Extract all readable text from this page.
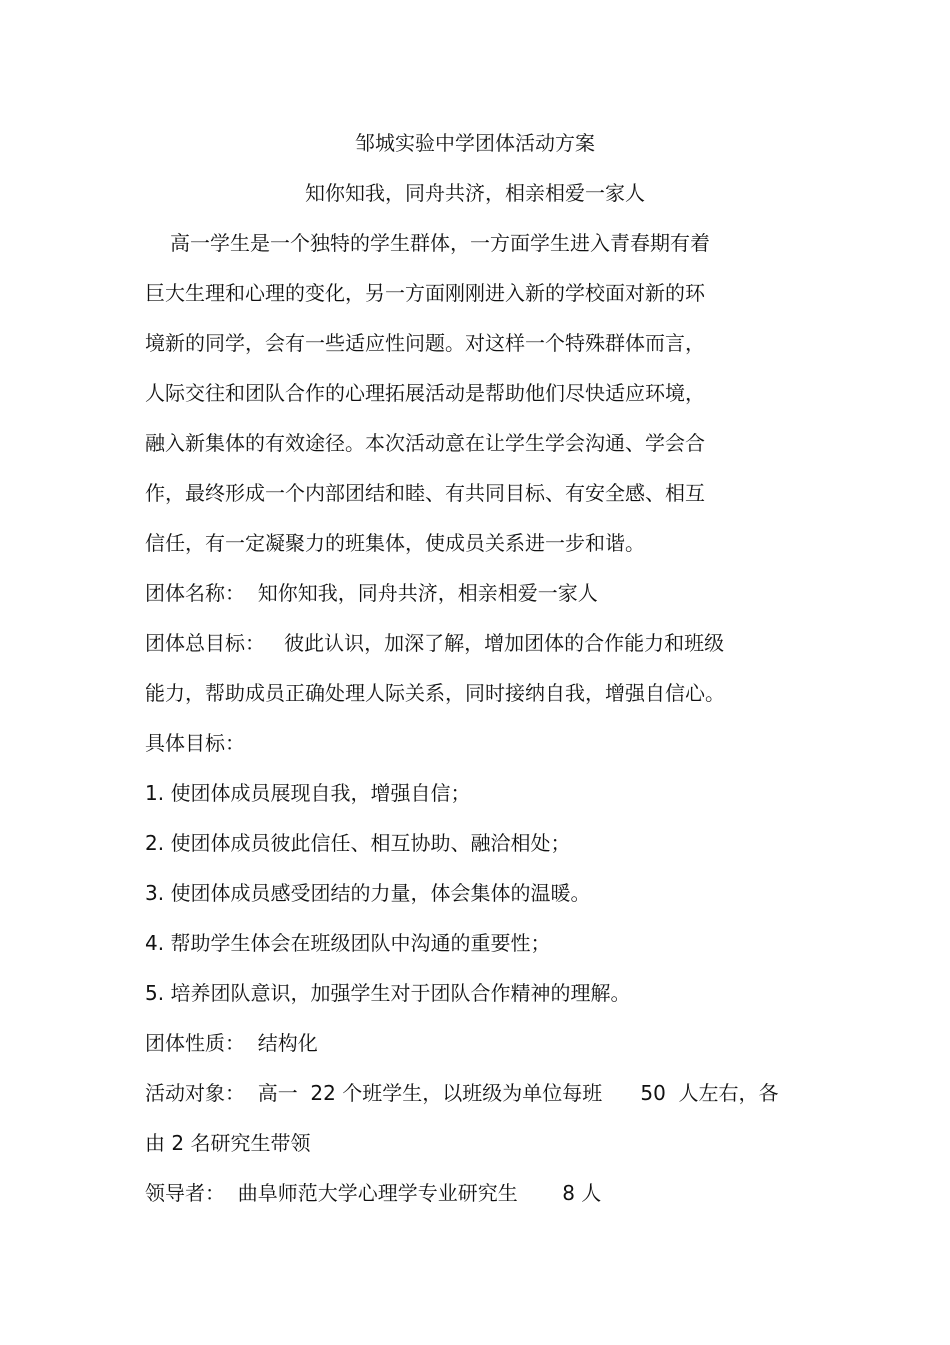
邹城实验中学团体活动方案
知你知我，同舟共济，相亲相爱一家人
高一学生是一个独特的学生群体，一方面学生进入青春期有着
巨大生理和心理的变化，另一方面刚刚进入新的学校面对新的环
境新的同学，会有一些适应性问题。对这样一个特殊群体而言，
人际交往和团队合作的心理拓展活动是帮助他们尽快适应环境，
融入新集体的有效途径。本次活动意在让学生学会沟通、学会合
作，最终形成一个内部团结和睦、有共同目标、有安全感、相互
信任，有一定凝聚力的班集体，使成员关系进一步和谐。
团体名称：  知你知我，同舟共济，相亲相爱一家人
团体总目标：   彼此认识，加深了解，增加团体的合作能力和班级
能力，帮助成员正确处理人际关系，同时接纳自我，增强自信心。
具体目标：
1. 使团体成员展现自我，增强自信；
2. 使团体成员彼此信任、相互协助、融洽相处；
3. 使团体成员感受团结的力量，体会集体的温暖。
4. 帮助学生体会在班级团队中沟通的重要性；
5. 培养团队意识，加强学生对于团队合作精神的理解。
团体性质：  结构化
活动对象：  高一  22 个班学生，以班级为单位每班      50  人左右，各
由 2 名研究生带领
领导者：  曲阜师范大学心理学专业研究生       8 人
